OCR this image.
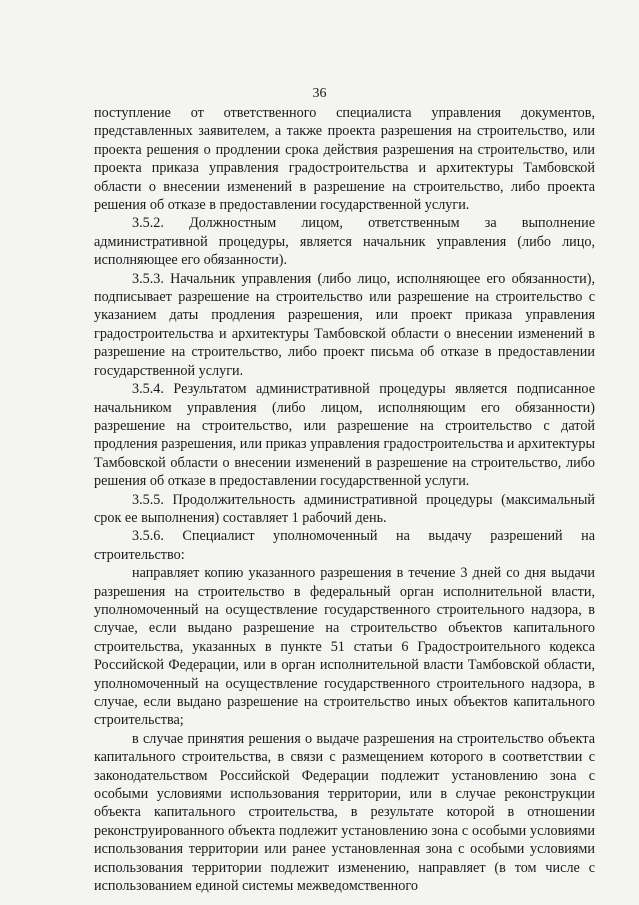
36

поступление от ответственного специалиста управления документов, представленных заявителем, а также проекта разрешения на строительство, или проекта решения о продлении срока действия разрешения на строительство, или проекта приказа управления градостроительства и архитектуры Тамбовской области о внесении изменений в разрешение на строительство, либо проекта решения об отказе в предоставлении государственной услуги.

3.5.2. Должностным лицом, ответственным за выполнение административной процедуры, является начальник управления (либо лицо, исполняющее его обязанности).

3.5.3. Начальник управления (либо лицо, исполняющее его обязанности), подписывает разрешение на строительство или разрешение на строительство с указанием даты продления разрешения, или проект приказа управления градостроительства и архитектуры Тамбовской области о внесении изменений в разрешение на строительство, либо проект письма об отказе в предоставлении государственной услуги.

3.5.4. Результатом административной процедуры является подписанное начальником управления (либо лицом, исполняющим его обязанности) разрешение на строительство, или разрешение на строительство с датой продления разрешения, или приказ управления градостроительства и архитектуры Тамбовской области о внесении изменений в разрешение на строительство, либо решения об отказе в предоставлении государственной услуги.

3.5.5. Продолжительность административной процедуры (максимальный срок ее выполнения) составляет 1 рабочий день.

3.5.6. Специалист уполномоченный на выдачу разрешений на строительство:

направляет копию указанного разрешения в течение 3 дней со дня выдачи разрешения на строительство в федеральный орган исполнительной власти, уполномоченный на осуществление государственного строительного надзора, в случае, если выдано разрешение на строительство объектов капитального строительства, указанных в пункте 51 статьи 6 Градостроительного кодекса Российской Федерации, или в орган исполнительной власти Тамбовской области, уполномоченный на осуществление государственного строительного надзора, в случае, если выдано разрешение на строительство иных объектов капитального строительства;

в случае принятия решения о выдаче разрешения на строительство объекта капитального строительства, в связи с размещением которого в соответствии с законодательством Российской Федерации подлежит установлению зона с особыми условиями использования территории, или в случае реконструкции объекта капитального строительства, в результате которой в отношении реконструированного объекта подлежит установлению зона с особыми условиями использования территории или ранее установленная зона с особыми условиями использования территории подлежит изменению, направляет (в том числе с использованием единой системы межведомственного
